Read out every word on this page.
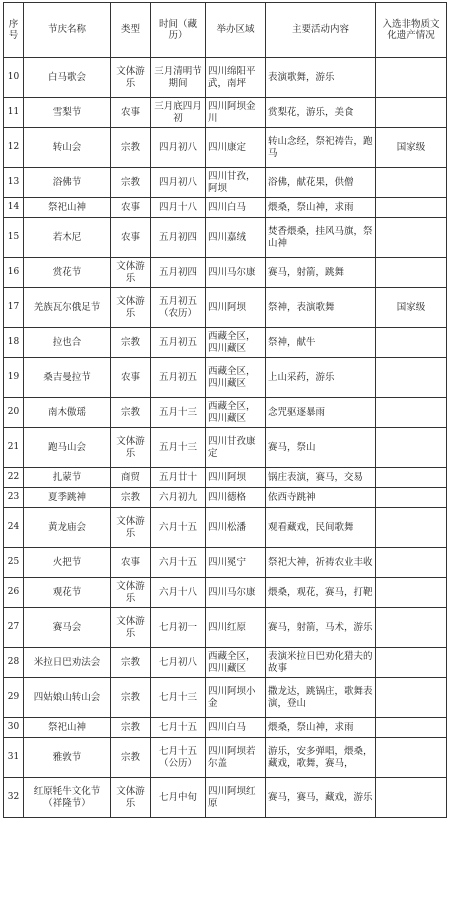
序号	节庆名称	类型	时间（藏历）	举办区域	主要活动内容	入选非物质文化遗产情况
10	白马歌会	文体游乐	三月清明节期间	四川绵阳平武，南坪	表演歌舞，游乐	
11	雪梨节	农事	三月底四月初	四川阿坝金川	赏梨花，游乐，美食	
12	转山会	宗教	四月初八	四川康定	转山念经，祭祀祷告，跑马	国家级
13	浴佛节	宗教	四月初八	四川甘孜，阿坝	浴佛，献花果，供僧	
14	祭祀山神	农事	四月十八	四川白马	煨桑，祭山神，求雨	
15	若木尼	农事	五月初四	四川嘉绒	焚香煨桑，挂风马旗，祭山神	
16	赏花节	文体游乐	五月初四	四川马尔康	赛马，射箭，跳舞	
17	羌族瓦尔俄足节	文体游乐	五月初五（农历）	四川阿坝	祭神，表演歌舞	国家级
18	拉也合	宗教	五月初五	西藏全区，四川藏区	祭神，献牛	
19	桑吉曼拉节	农事	五月初五	西藏全区，四川藏区	上山采药，游乐	
20	南木傲瑶	宗教	五月十三	西藏全区，四川藏区	念咒驱逐暴雨	
21	跑马山会	文体游乐	五月十三	四川甘孜康定	赛马，祭山	
22	扎蒙节	商贸	五月廿十	四川阿坝	锅庄表演，赛马，交易	
23	夏季跳神	宗教	六月初九	四川德格	依西寺跳神	
24	黄龙庙会	文体游乐	六月十五	四川松潘	观看藏戏，民间歌舞	
25	火把节	农事	六月十五	四川冕宁	祭祀大神，祈祷农业丰收	
26	观花节	文体游乐	六月十八	四川马尔康	煨桑，观花，赛马，打靶	
27	赛马会	文体游乐	七月初一	四川红原	赛马，射箭，马术，游乐	
28	米拉日巴劝法会	宗教	七月初八	西藏全区，四川藏区	表演米拉日巴劝化猎夫的故事	
29	四姑娘山转山会	宗教	七月十三	四川阿坝小金	撒龙达，跳锅庄，歌舞表演，登山	
30	祭祀山神	宗教	七月十五	四川白马	煨桑，祭山神，求雨	
31	雅敦节	宗教	七月十五（公历）	四川阿坝若尔盖	游乐，安多弹唱，煨桑，藏戏，歌舞，赛马，	
32	红原牦牛文化节（祥隆节）	文体游乐	七月中旬	四川阿坝红原	赛马，赛马，藏戏，游乐	
